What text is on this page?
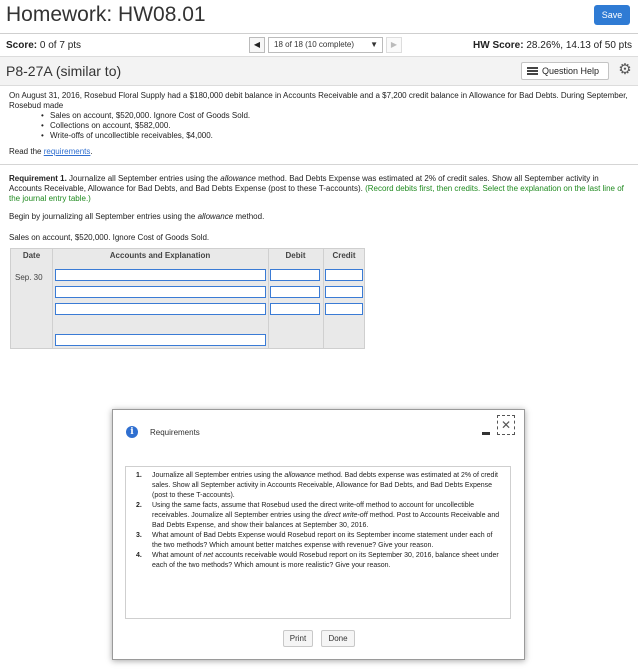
Homework: HW08.01	Save
Score: 0 of 7 pts	◀	18 of 18 (10 complete) ▼	▶	HW Score: 28.26%, 14.13 of 50 pts
P8-27A (similar to)	Question Help	⚙

On August 31, 2016, Rosebud Floral Supply had a $180,000 debit balance in Accounts Receivable and a $7,200 credit balance in Allowance for Bad Debts. During September, Rosebud made

• Sales on account, $520,000. Ignore Cost of Goods Sold.
• Collections on account, $582,000.
• Write-offs of uncollectible receivables, $4,000.

Read the requirements.

Requirement 1. Journalize all September entries using the allowance method. Bad Debts Expense was estimated at 2% of credit sales. Show all September activity in Accounts Receivable, Allowance for Bad Debts, and Bad Debts Expense (post to these T-accounts). (Record debits first, then credits. Select the explanation on the last line of the journal entry table.)
Begin by journalizing all September entries using the allowance method.
Sales on account, $520,000. Ignore Cost of Goods Sold.
Date	Accounts and Explanation	Debit	Credit
Sep. 30
i	Requirements
✕
1. Journalize all September entries using the allowance method. Bad debts expense was estimated at 2% of credit sales. Show all September activity in Accounts Receivable, Allowance for Bad Debts, and Bad Debts Expense (post to these T-accounts).
2. Using the same facts, assume that Rosebud used the direct write-off method to account for uncollectible receivables. Journalize all September entries using the direct write-off method. Post to Accounts Receivable and Bad Debts Expense, and show their balances at September 30, 2016.
3. What amount of Bad Debts Expense would Rosebud report on its September income statement under each of the two methods? Which amount better matches expense with revenue? Give your reason.
4. What amount of net accounts receivable would Rosebud report on its September 30, 2016, balance sheet under each of the two methods? Which amount is more realistic? Give your reason.
Print	Done
